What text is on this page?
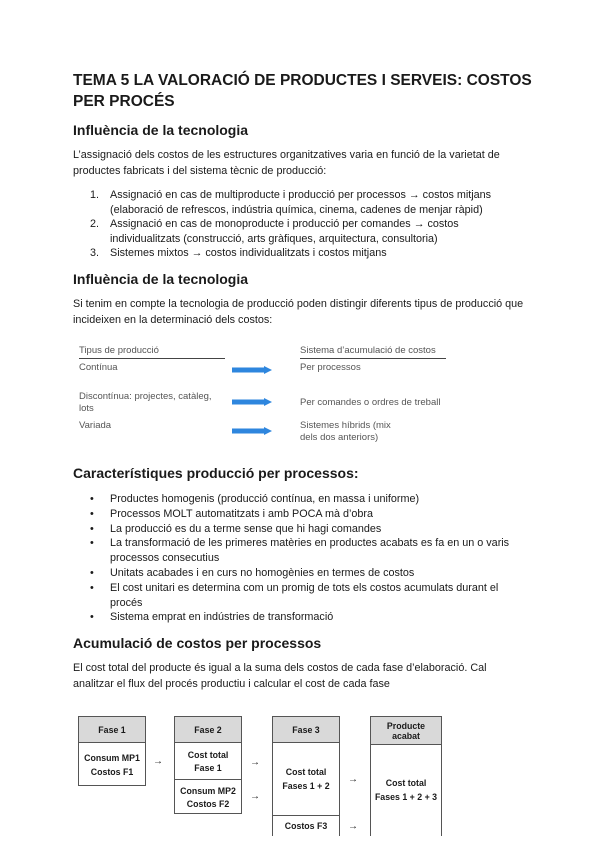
TEMA 5 LA VALORACIÓ DE PRODUCTES I SERVEIS: COSTOS PER PROCÉS
Influència de la tecnologia

L’assignació dels costos de les estructures organitzatives varia en funció de la varietat de productes fabricats i del sistema tècnic de producció:

1. Assignació en cas de multiproducte i producció per processos → costos mitjans (elaboració de refrescos, indústria química, cinema, cadenes de menjar ràpid)
2. Assignació en cas de monoproducte i producció per comandes → costos individualitzats (construcció, arts gràfiques, arquitectura, consultoria)
3. Sistemes mixtos → costos individualitzats i costos mitjans
Influència de la tecnologia

Si tenim en compte la tecnologia de producció poden distingir diferents tipus de producció que incideixen en la determinació dels costos:

Tipus de producció	Sistema d’acumulació de costos
Contínua	Per processos
Discontínua: projectes, catàleg, lots	Per comandes o ordres de treball
Variada	Sistemes híbrids (mix dels dos anteriors)
Característiques producció per processos:
• Productes homogenis (producció contínua, en massa i uniforme)
• Processos MOLT automatitzats i amb POCA mà d’obra
• La producció es du a terme sense que hi hagi comandes
• La transformació de les primeres matèries en productes acabats es fa en un o varis processos consecutius
• Unitats acabades i en curs no homogènies en termes de costos
• El cost unitari es determina com un promig de tots els costos acumulats durant el procés
• Sistema emprat en indústries de transformació
Acumulació de costos per processos

El cost total del producte és igual a la suma dels costos de cada fase d’elaboració. Cal analitzar el flux del procés productiu i calcular el cost de cada fase

Fase 1
Consum MP1
Costos F1
→
Fase 2
Cost total
Fase 1
Consum MP2
Costos F2
→
→
Fase 3
Cost total
Fases 1 + 2
Costos F3
→
→
Producte
acabat
Cost total
Fases 1 + 2 + 3
